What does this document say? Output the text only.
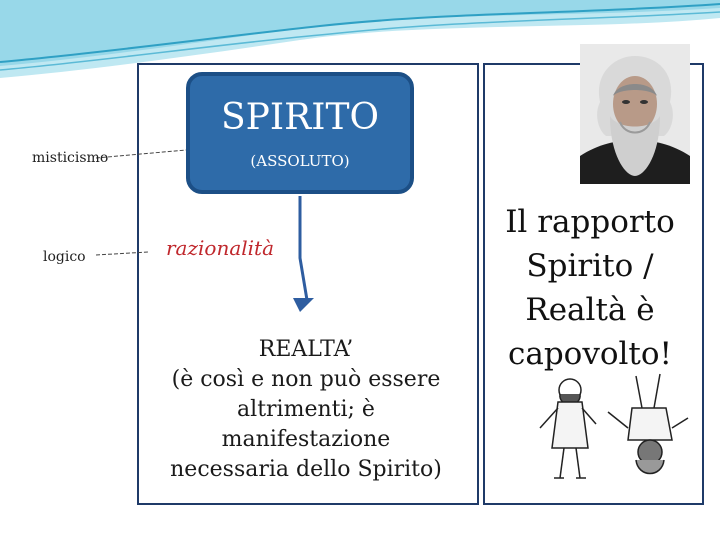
SPIRITO
(ASSOLUTO)
misticismo
logico	razionalità
REALTA’
(è così e non può essere
altrimenti; è
manifestazione
necessaria dello Spirito)
Il rapporto
Spirito /
Realtà è
capovolto!
